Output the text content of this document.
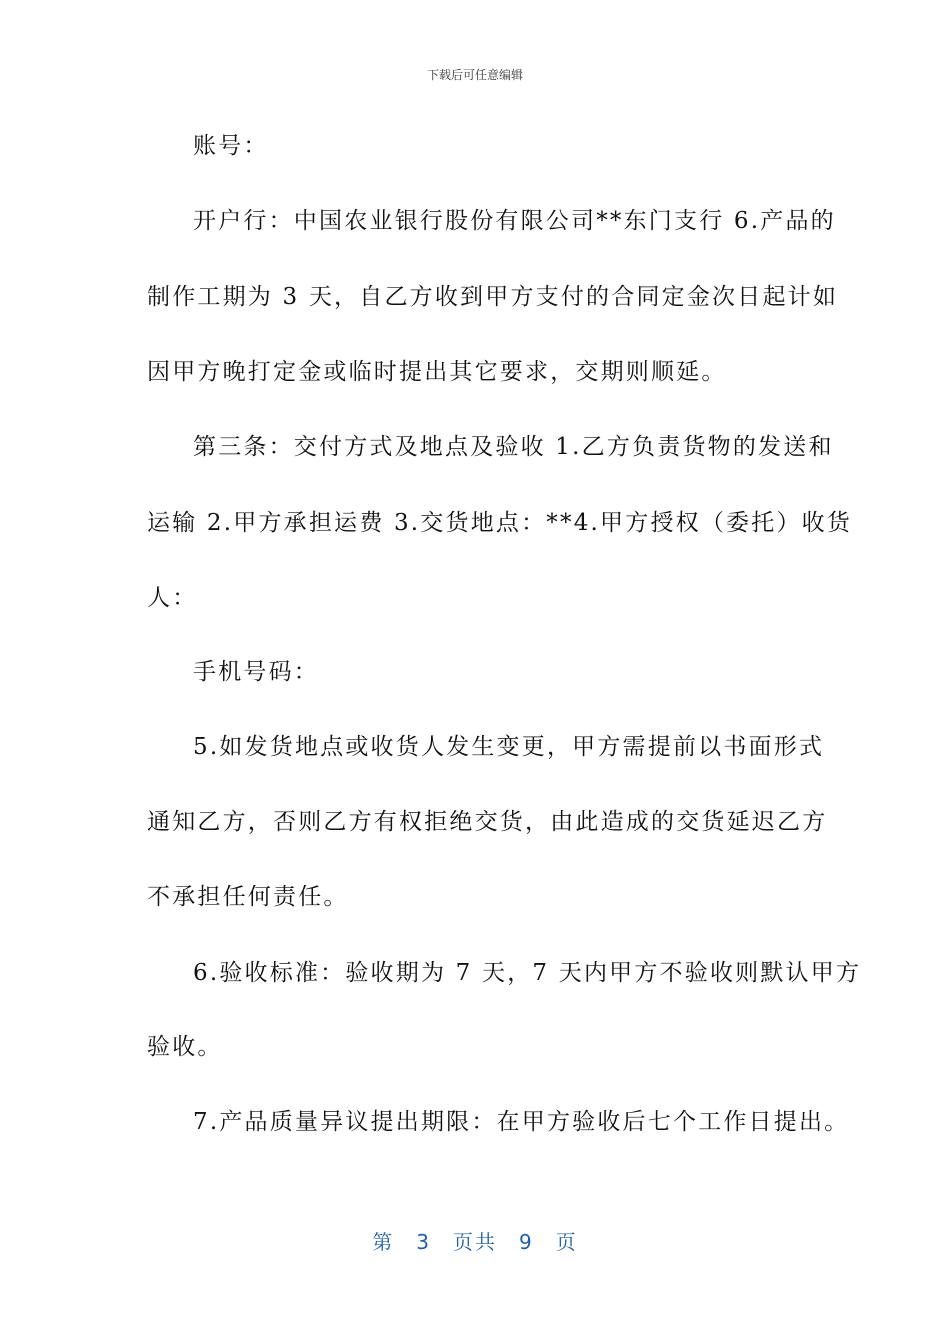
下载后可任意编辑
账号：
开户行：中国农业银行股份有限公司**东门支行 6.产品的
制作工期为 3 天，自乙方收到甲方支付的合同定金次日起计如
因甲方晚打定金或临时提出其它要求，交期则顺延。
第三条：交付方式及地点及验收 1.乙方负责货物的发送和
运输 2.甲方承担运费 3.交货地点：**4.甲方授权（委托）收货
人：
手机号码：
5.如发货地点或收货人发生变更，甲方需提前以书面形式
通知乙方，否则乙方有权拒绝交货，由此造成的交货延迟乙方
不承担任何责任。
6.验收标准：验收期为 7 天，7 天内甲方不验收则默认甲方
验收。
7.产品质量异议提出期限：在甲方验收后七个工作日提出。
第 3 页共 9 页
